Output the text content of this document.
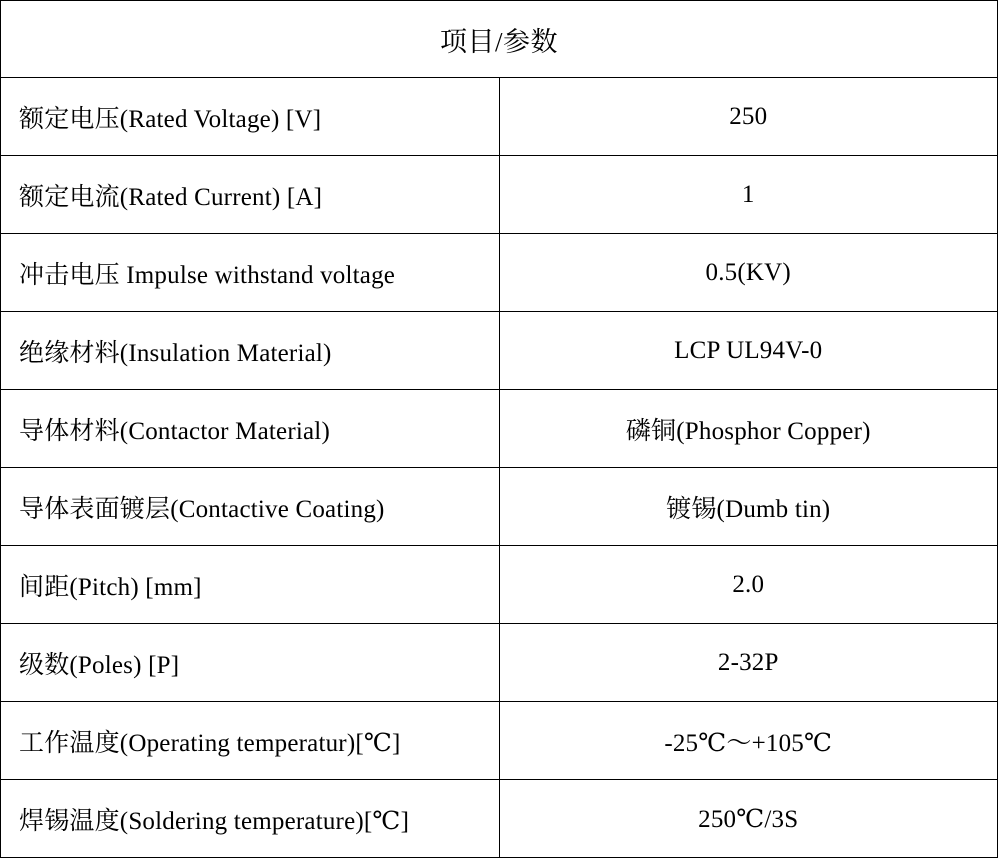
项目/参数	
额定电压(Rated Voltage) [V]	250
额定电流(Rated Current) [A]	1
冲击电压 Impulse withstand voltage	0.5(KV)
绝缘材料(Insulation Material)	LCP UL94V-0
导体材料(Contactor Material)	磷铜(Phosphor Copper)
导体表面镀层(Contactive Coating)	镀锡(Dumb tin)
间距(Pitch) [mm]	2.0
级数(Poles) [P]	2-32P
工作温度(Operating temperatur)[℃]	-25℃～+105℃
焊锡温度(Soldering temperature)[℃]	250℃/3S
